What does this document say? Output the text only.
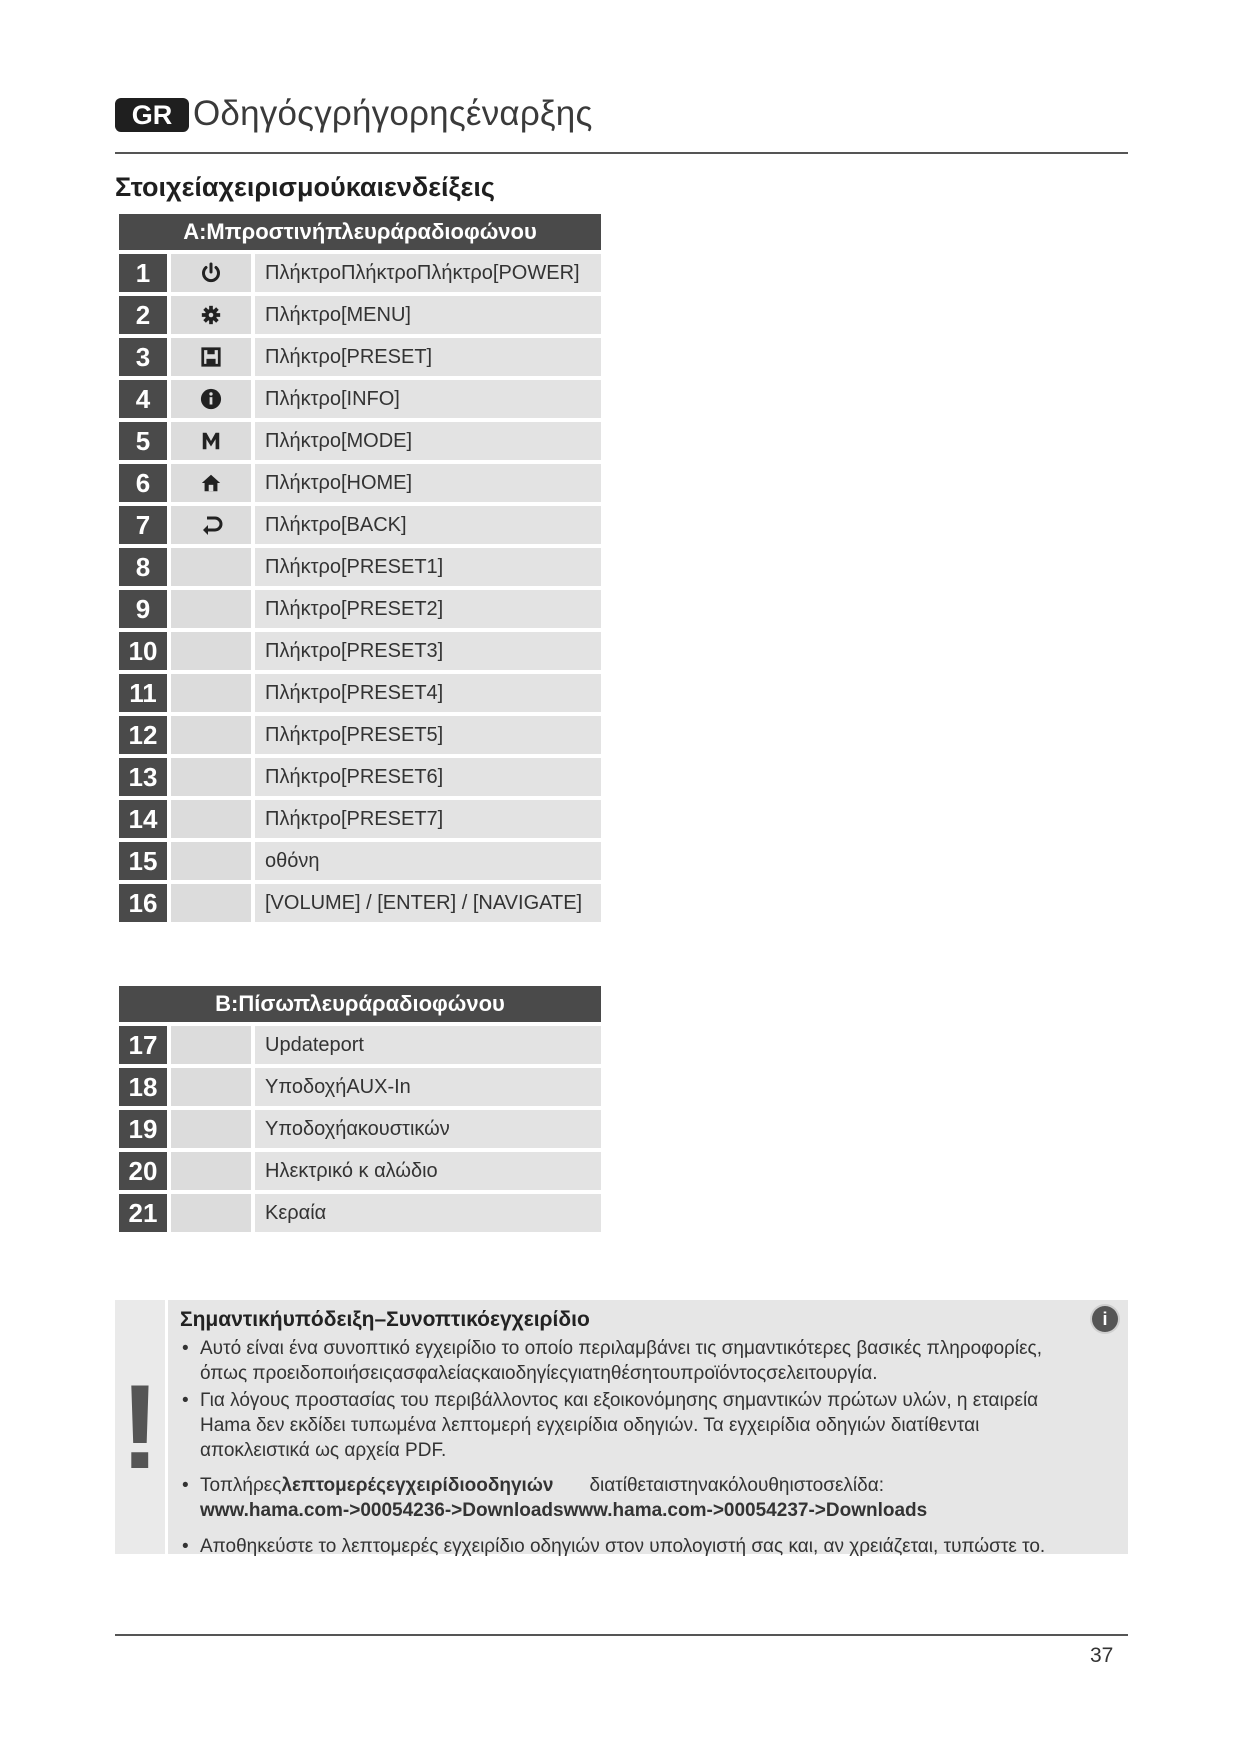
GR Οδηγόςγρήγορηςέναρξης
Στοιχείαχειρισμούκαιενδείξεις
A:Μπροστινήπλευράραδιοφώνου
1	ΠλήκτροΠλήκτροΠλήκτρο[POWER]
2	Πλήκτρο[MENU]
3	Πλήκτρο[PRESET]
4	Πλήκτρο[INFO]
5	Πλήκτρο[MODE]
6	Πλήκτρο[HOME]
7	Πλήκτρο[BACK]
8	Πλήκτρο[PRESET1]
9	Πλήκτρο[PRESET2]
10	Πλήκτρο[PRESET3]
11	Πλήκτρο[PRESET4]
12	Πλήκτρο[PRESET5]
13	Πλήκτρο[PRESET6]
14	Πλήκτρο[PRESET7]
15	οθόνη
16	[VOLUME] / [ENTER] / [NAVIGATE]
B:Πίσωπλευράραδιοφώνου
17	Updateport
18	ΥποδοχήAUX-In
19	Υποδοχήακουστικών
20	Ηλεκτρικό κ αλώδιο
21	Κεραία
!
i
Σημαντικήυπόδειξη–Συνοπτικόεγχειρίδιο
• Αυτό είναι ένα συνοπτικό εγχειρίδιο το οποίο περιλαμβάνει τις σημαντικότερες βασικές πληροφορίες, όπως προειδοποιήσειςασφαλείαςκαιοδηγίεςγιατηθέσητουπροϊόντοςσελειτουργία.
• Για λόγους προστασίας του περιβάλλοντος και εξοικονόμησης σημαντικών πρώτων υλών, η εταιρεία Hama δεν εκδίδει τυπωμένα λεπτομερή εγχειρίδια οδηγιών. Τα εγχειρίδια οδηγιών διατίθενται αποκλειστικά ως αρχεία PDF.
• Τοπλήρεςλεπτομερέςεγχειρίδιοοδηγιών διατίθεταιστηνακόλουθηιστοσελίδα:
www.hama.com->00054236->Downloadswww.hama.com->00054237->Downloads
• Αποθηκεύστε το λεπτομερές εγχειρίδιο οδηγιών στον υπολογιστή σας και, αν χρειάζεται, τυπώστε το.
37
